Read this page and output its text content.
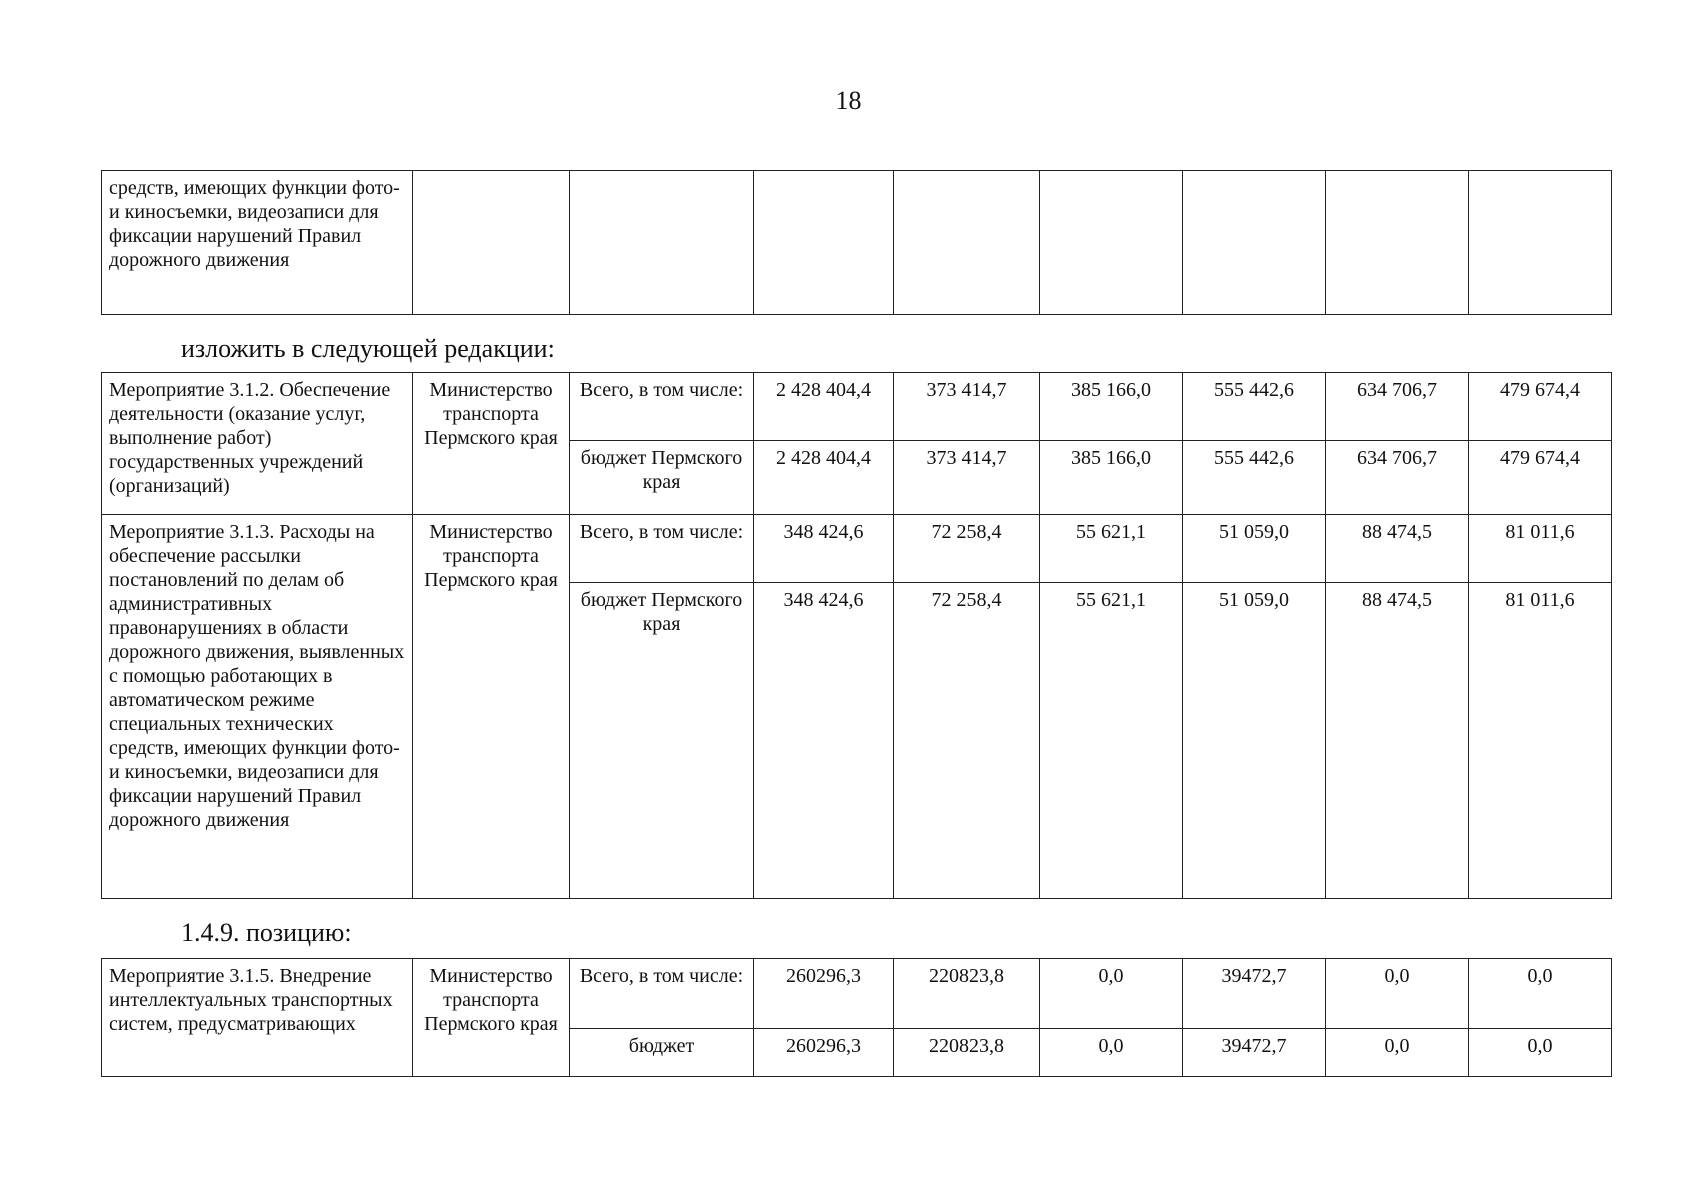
18
средств, имеющих функции фото- и киносъемки, видеозаписи для фиксации нарушений Правил дорожного движения								
изложить в следующей редакции:
Мероприятие 3.1.2. Обеспечение деятельности (оказание услуг, выполнение работ) государственных учреждений (организаций)	Министерство транспорта Пермского края	Всего, в том числе:	2 428 404,4	373 414,7	385 166,0	555 442,6	634 706,7	479 674,4
		бюджет Пермского края	2 428 404,4	373 414,7	385 166,0	555 442,6	634 706,7	479 674,4
Мероприятие 3.1.3. Расходы на обеспечение рассылки постановлений по делам об административных правонарушениях в области дорожного движения, выявленных с помощью работающих в автоматическом режиме специальных технических средств, имеющих функции фото- и киносъемки, видеозаписи для фиксации нарушений Правил дорожного движения	Министерство транспорта Пермского края	Всего, в том числе:	348 424,6	72 258,4	55 621,1	51 059,0	88 474,5	81 011,6
		бюджет Пермского края	348 424,6	72 258,4	55 621,1	51 059,0	88 474,5	81 011,6
1.4.9. позицию:
Мероприятие 3.1.5. Внедрение интеллектуальных транспортных систем, предусматривающих	Министерство транспорта Пермского края	Всего, в том числе:	260296,3	220823,8	0,0	39472,7	0,0	0,0
		бюджет	260296,3	220823,8	0,0	39472,7	0,0	0,0
